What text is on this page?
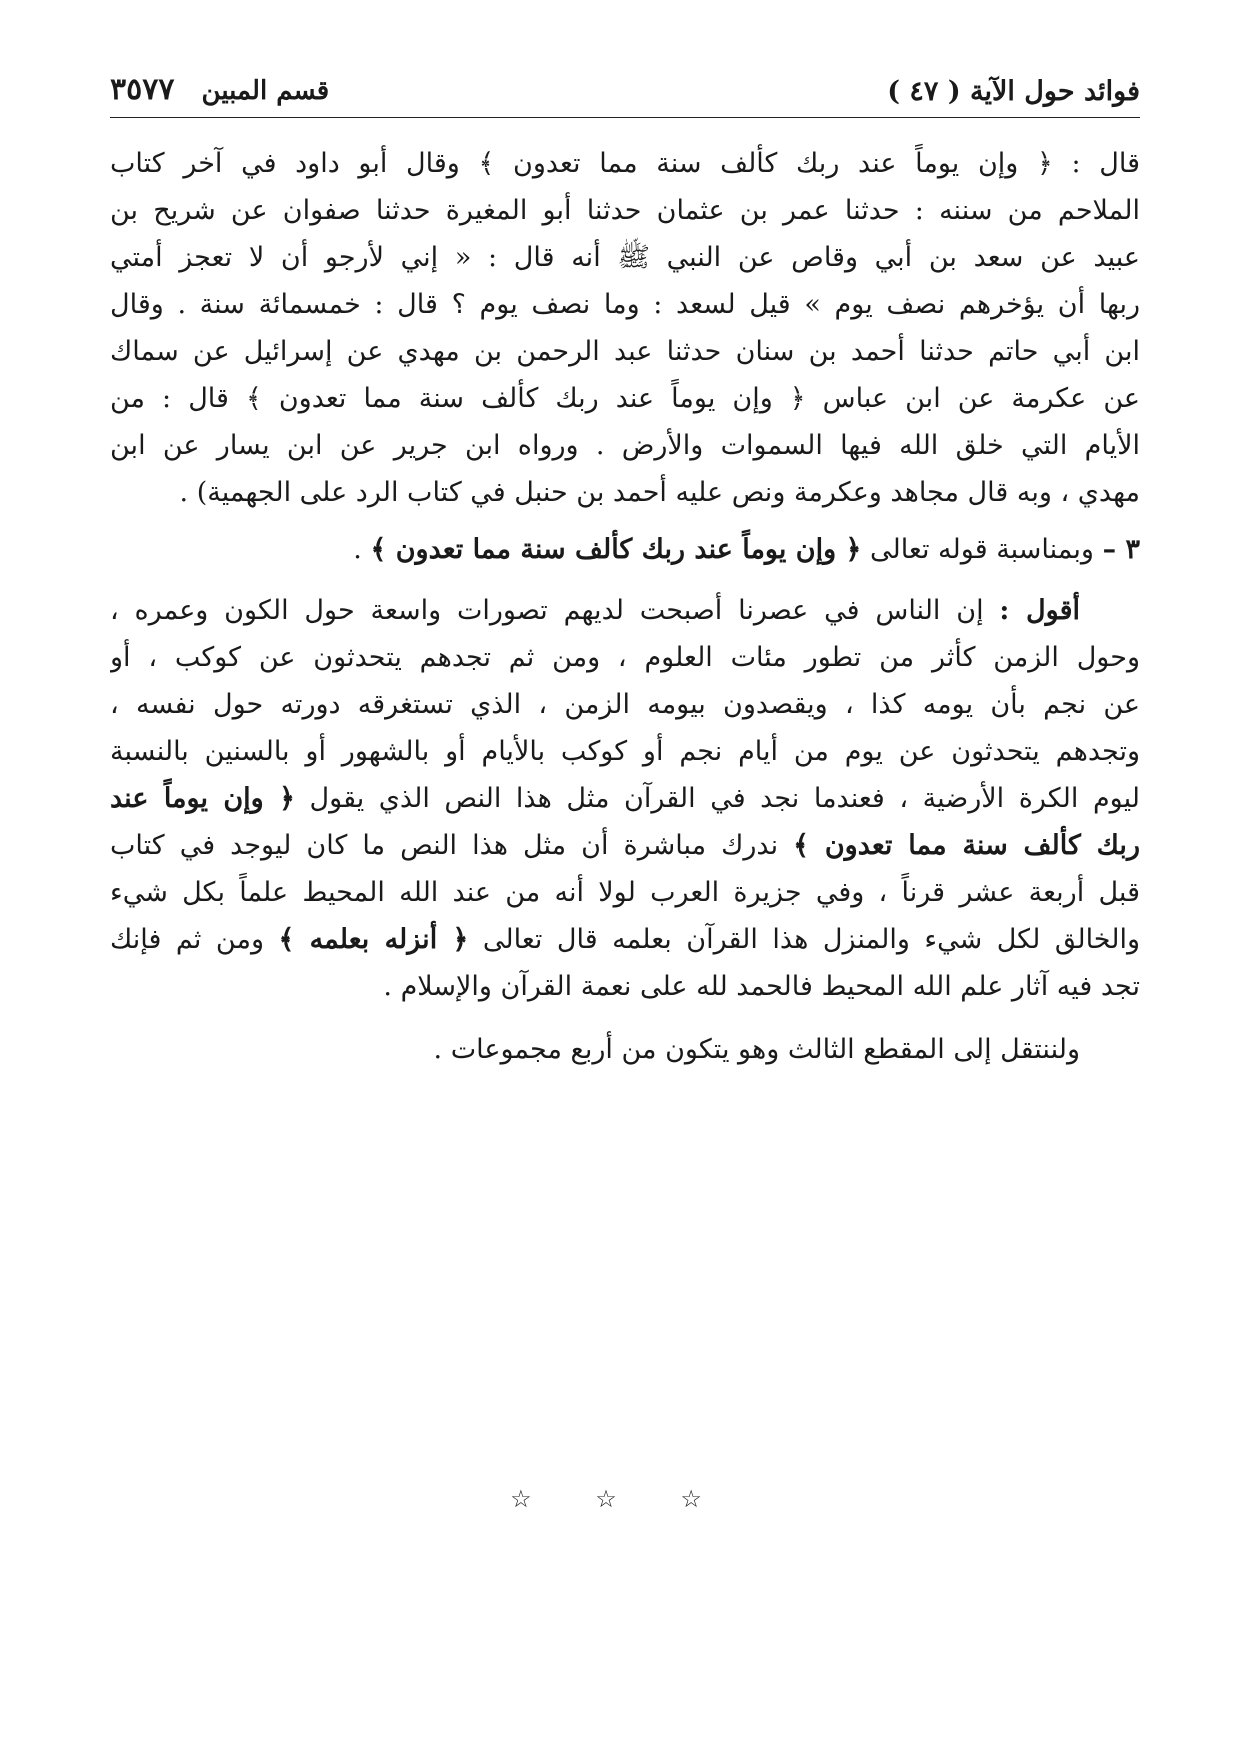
فوائد حول الآية ( ٤٧ )
قسم المبين ٣٥٧٧
قال : ﴿ وإن يوماً عند ربك كألف سنة مما تعدون ﴾ وقال أبو داود في آخر كتاب
الملاحم من سننه : حدثنا عمر بن عثمان حدثنا أبو المغيرة حدثنا صفوان عن شريح بن
عبيد عن سعد بن أبي وقاص عن النبي ﷺ أنه قال : « إني لأرجو أن لا تعجز أمتي
ربها أن يؤخرهم نصف يوم » قيل لسعد : وما نصف يوم ؟ قال : خمسمائة سنة . وقال
ابن أبي حاتم حدثنا أحمد بن سنان حدثنا عبد الرحمن بن مهدي عن إسرائيل عن سماك
عن عكرمة عن ابن عباس ﴿ وإن يوماً عند ربك كألف سنة مما تعدون ﴾ قال : من
الأيام التي خلق الله فيها السموات والأرض . ورواه ابن جرير عن ابن يسار عن ابن
مهدي ، وبه قال مجاهد وعكرمة ونص عليه أحمد بن حنبل في كتاب الرد على الجهمية) .
٣ – وبمناسبة قوله تعالى ﴿ وإن يوماً عند ربك كألف سنة مما تعدون ﴾ .
أقول : إن الناس في عصرنا أصبحت لديهم تصورات واسعة حول الكون وعمره ،
وحول الزمن كأثر من تطور مئات العلوم ، ومن ثم تجدهم يتحدثون عن كوكب ، أو
عن نجم بأن يومه كذا ، ويقصدون بيومه الزمن ، الذي تستغرقه دورته حول نفسه ،
وتجدهم يتحدثون عن يوم من أيام نجم أو كوكب بالأيام أو بالشهور أو بالسنين بالنسبة
ليوم الكرة الأرضية ، فعندما نجد في القرآن مثل هذا النص الذي يقول ﴿ وإن يوماً عند
ربك كألف سنة مما تعدون ﴾ ندرك مباشرة أن مثل هذا النص ما كان ليوجد في كتاب
قبل أربعة عشر قرناً ، وفي جزيرة العرب لولا أنه من عند الله المحيط علماً بكل شيء
والخالق لكل شيء والمنزل هذا القرآن بعلمه قال تعالى ﴿ أنزله بعلمه ﴾ ومن ثم فإنك
تجد فيه آثار علم الله المحيط فالحمد لله على نعمة القرآن والإسلام .
ولننتقل إلى المقطع الثالث وهو يتكون من أربع مجموعات .
☆ ☆ ☆
